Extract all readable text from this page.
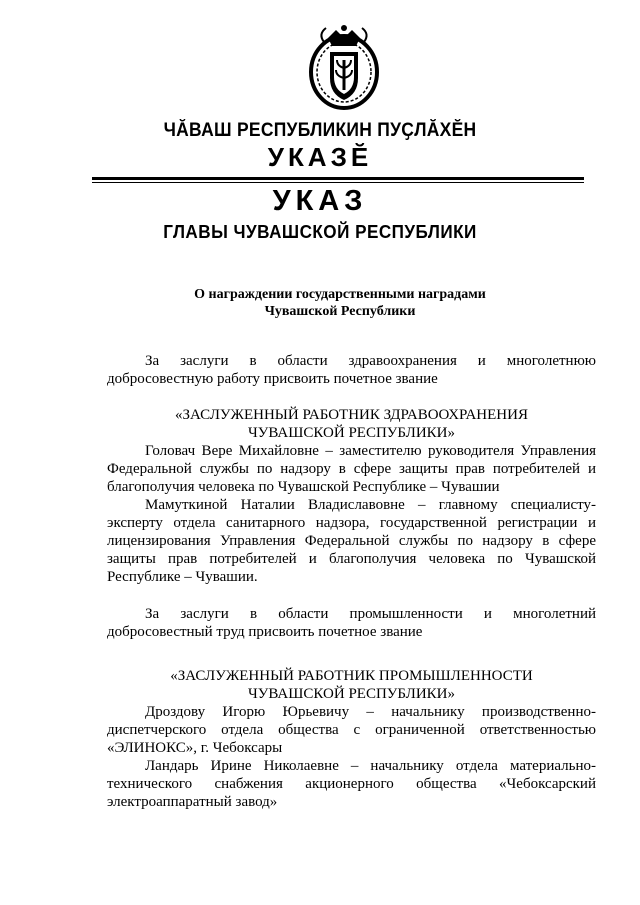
ЧӐВАШ РЕСПУБЛИКИН ПУҪЛӐХӖН
УКАЗӖ
УКАЗ
ГЛАВЫ ЧУВАШСКОЙ РЕСПУБЛИКИ
О награждении государственными наградами
Чувашской Республики

За заслуги в области здравоохранения и многолетнюю добросовестную работу присвоить почетное звание

«ЗАСЛУЖЕННЫЙ РАБОТНИК ЗДРАВООХРАНЕНИЯ
ЧУВАШСКОЙ РЕСПУБЛИКИ»

Головач Вере Михайловне – заместителю руководителя Управления Федеральной службы по надзору в сфере защиты прав потребителей и благополучия человека по Чувашской Республике – Чувашии

Мамуткиной Наталии Владиславовне – главному специалисту-эксперту отдела санитарного надзора, государственной регистрации и лицензирования Управления Федеральной службы по надзору в сфере защиты прав потребителей и благополучия человека по Чувашской Республике – Чувашии.

За заслуги в области промышленности и многолетний добросовестный труд присвоить почетное звание

«ЗАСЛУЖЕННЫЙ РАБОТНИК ПРОМЫШЛЕННОСТИ
ЧУВАШСКОЙ РЕСПУБЛИКИ»

Дроздову Игорю Юрьевичу – начальнику производственно-диспетчерского отдела общества с ограниченной ответственностью «ЭЛИНОКС», г. Чебоксары

Ландарь Ирине Николаевне – начальнику отдела материально-технического снабжения акционерного общества «Чебоксарский электроаппаратный завод»
